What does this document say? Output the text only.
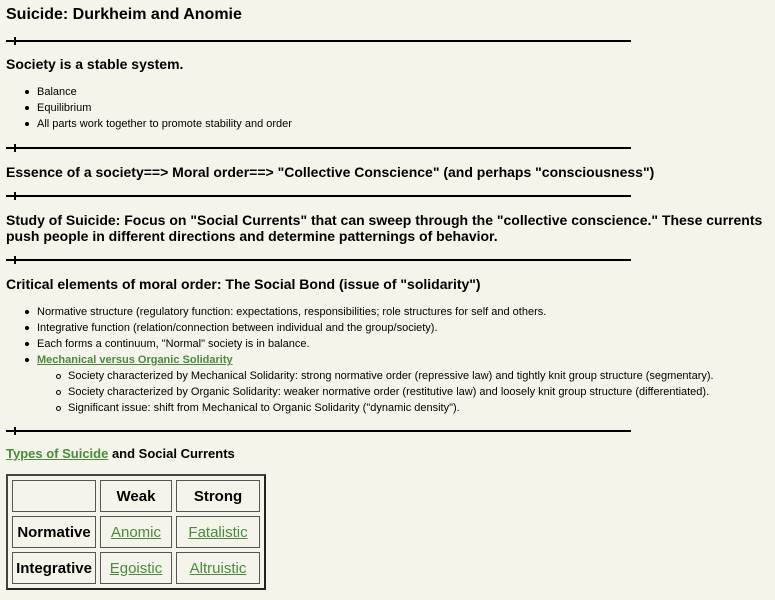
Suicide: Durkheim and Anomie

Society is a stable system.

Balance
Equilibrium
All parts work together to promote stability and order

Essence of a society==> Moral order==> "Collective Conscience" (and perhaps "consciousness")

Study of Suicide: Focus on "Social Currents" that can sweep through the "collective conscience." These currents push people in different directions and determine patternings of behavior.

Critical elements of moral order: The Social Bond (issue of "solidarity")

Normative structure (regulatory function: expectations, responsibilities; role structures for self and others.
Integrative function (relation/connection between individual and the group/society).
Each forms a continuum, "Normal" society is in balance.
Mechanical versus Organic Solidarity
Society characterized by Mechanical Solidarity: strong normative order (repressive law) and tightly knit group structure (segmentary).
Society characterized by Organic Solidarity: weaker normative order (restitutive law) and loosely knit group structure (differentiated).
Significant issue: shift from Mechanical to Organic Solidarity ("dynamic density").
Types of Suicide and Social Currents
	Weak	Strong
Normative	Anomic	Fatalistic
Integrative	Egoistic	Altruistic
